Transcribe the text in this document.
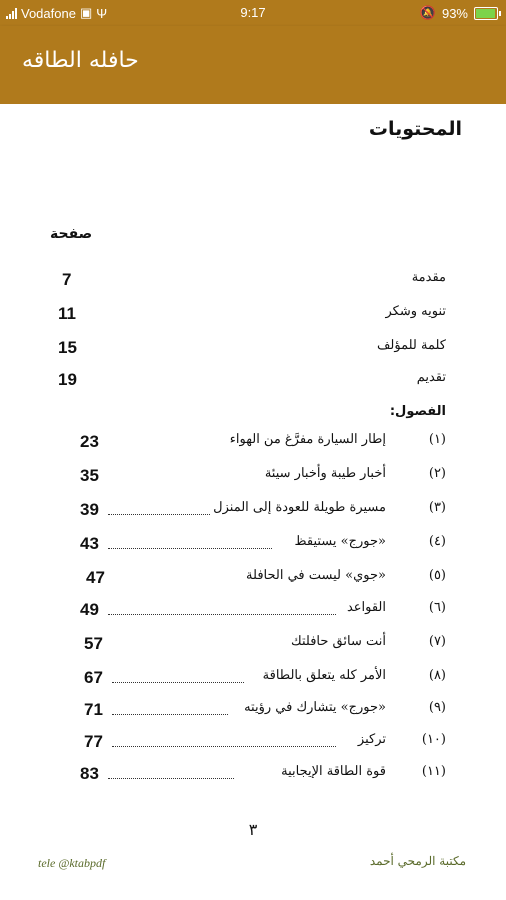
Vodafone ▣ Ψ	9:17	🔕 93%
حافله الطاقه
المحتويات
صفحة
7	مقدمة
11	تنويه وشكر
15	كلمة للمؤلف
19	تقديم
الفصول:
23	إطار السيارة مفرَّغ من الهواء	(١)
35	أخبار طيبة وأخبار سيئة	(٢)
39	مسيرة طويلة للعودة إلى المنزل	(٣)
43	«جورج» يستيقظ	(٤)
47	«جوي» ليست في الحافلة	(٥)
49	القواعد	(٦)
57	أنت سائق حافلتك	(٧)
67	الأمر كله يتعلق بالطاقة	(٨)
71	«جورج» يتشارك في رؤيته	(٩)
77	تركيز	(١٠)
83	قوة الطاقة الإيجابية	(١١)
٣
tele @ktabpdf	مكتبة الرمحي أحمد
